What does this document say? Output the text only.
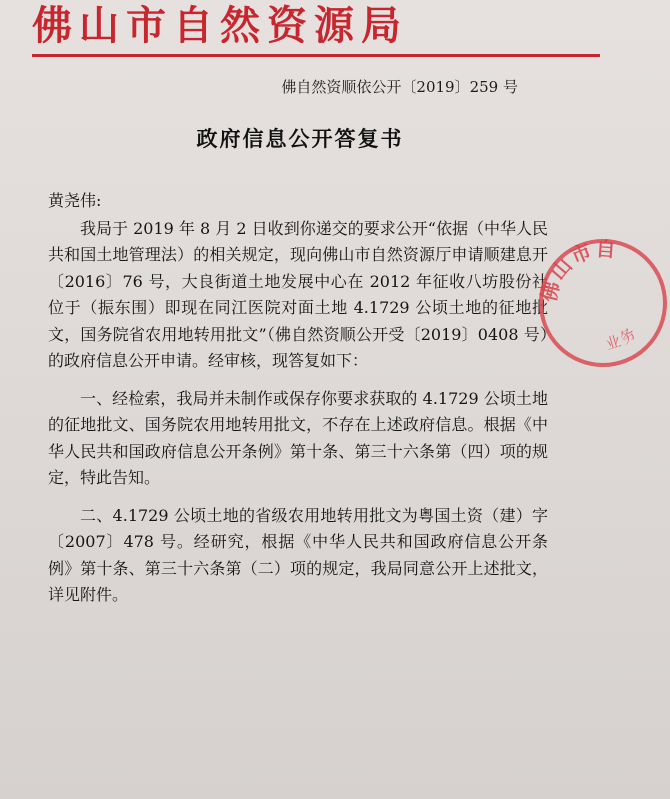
佛山市自然资源局
佛自然资顺依公开〔2019〕259 号
政府信息公开答复书

黄尧伟:

我局于 2019 年 8 月 2 日收到你递交的要求公开“依据（中华人民共和国土地管理法）的相关规定，现向佛山市自然资源厅申请顺建息开〔2016〕76 号，大良街道土地发展中心在 2012 年征收八坊股份社位于（振东围）即现在同江医院对面土地 4.1729 公顷土地的征地批文，国务院省农用地转用批文”（佛自然资顺公开受〔2019〕0408 号）的政府信息公开申请。经审核，现答复如下：

一、经检索，我局并未制作或保存你要求获取的 4.1729 公顷土地的征地批文、国务院农用地转用批文，不存在上述政府信息。根据《中华人民共和国政府信息公开条例》第十条、第三十六条第（四）项的规定，特此告知。

二、4.1729 公顷土地的省级农用地转用批文为粤国土资（建）字〔2007〕478 号。经研究，根据《中华人民共和国政府信息公开条例》第十条、第三十六条第（二）项的规定，我局同意公开上述批文，详见附件。

佛山市自
业务
